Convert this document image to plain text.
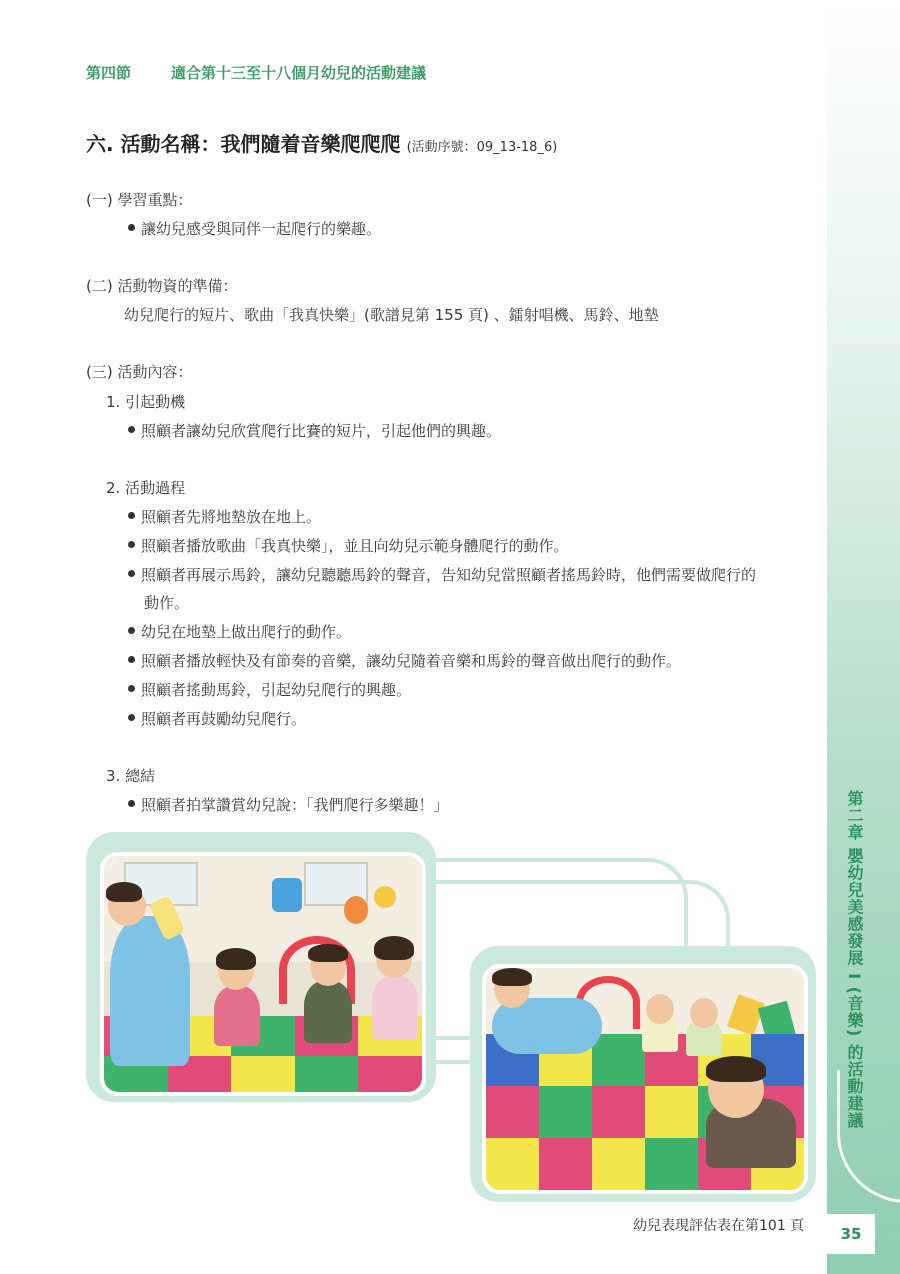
第二章 嬰幼兒美感發展 I (音樂) 的活動建議
35
第四節	適合第十三至十八個月幼兒的活動建議
六. 活動名稱：我們隨着音樂爬爬爬 (活動序號：09_13-18_6)
(一) 學習重點：
讓幼兒感受與同伴一起爬行的樂趣。
(二) 活動物資的準備：
幼兒爬行的短片、歌曲「我真快樂」(歌譜見第 155 頁) 、鐳射唱機、馬鈴、地墊
(三) 活動內容：
1. 引起動機
照顧者讓幼兒欣賞爬行比賽的短片，引起他們的興趣。
2. 活動過程
照顧者先將地墊放在地上。
照顧者播放歌曲「我真快樂」，並且向幼兒示範身體爬行的動作。
照顧者再展示馬鈴，讓幼兒聽聽馬鈴的聲音，告知幼兒當照顧者搖馬鈴時，他們需要做爬行的
動作。
幼兒在地墊上做出爬行的動作。
照顧者播放輕快及有節奏的音樂，讓幼兒隨着音樂和馬鈴的聲音做出爬行的動作。
照顧者搖動馬鈴，引起幼兒爬行的興趣。
照顧者再鼓勵幼兒爬行。
3. 總結
照顧者拍掌讚賞幼兒說：「我們爬行多樂趣！」
幼兒表現評估表在第101 頁
